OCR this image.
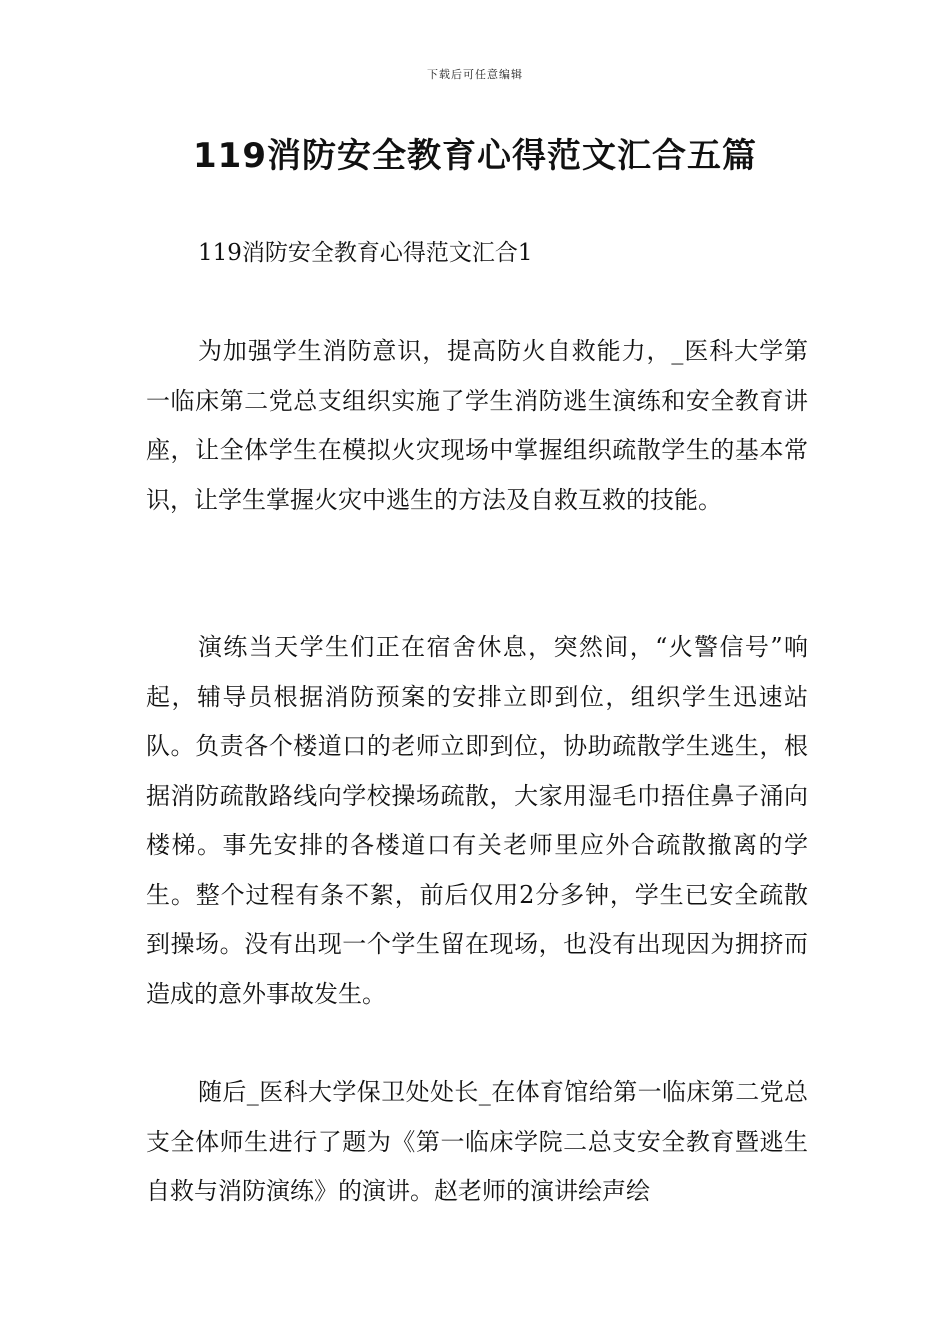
下载后可任意编辑
119消防安全教育心得范文汇合五篇

119消防安全教育心得范文汇合1

为加强学生消防意识，提高防火自救能力，_医科大学第一临床第二党总支组织实施了学生消防逃生演练和安全教育讲座，让全体学生在模拟火灾现场中掌握组织疏散学生的基本常识，让学生掌握火灾中逃生的方法及自救互救的技能。

演练当天学生们正在宿舍休息，突然间，“火警信号”响起，辅导员根据消防预案的安排立即到位，组织学生迅速站队。负责各个楼道口的老师立即到位，协助疏散学生逃生，根据消防疏散路线向学校操场疏散，大家用湿毛巾捂住鼻子涌向楼梯。事先安排的各楼道口有关老师里应外合疏散撤离的学生。整个过程有条不絮，前后仅用2分多钟，学生已安全疏散到操场。没有出现一个学生留在现场，也没有出现因为拥挤而造成的意外事故发生。

随后_医科大学保卫处处长_在体育馆给第一临床第二党总支全体师生进行了题为《第一临床学院二总支安全教育暨逃生自救与消防演练》的演讲。赵老师的演讲绘声绘
